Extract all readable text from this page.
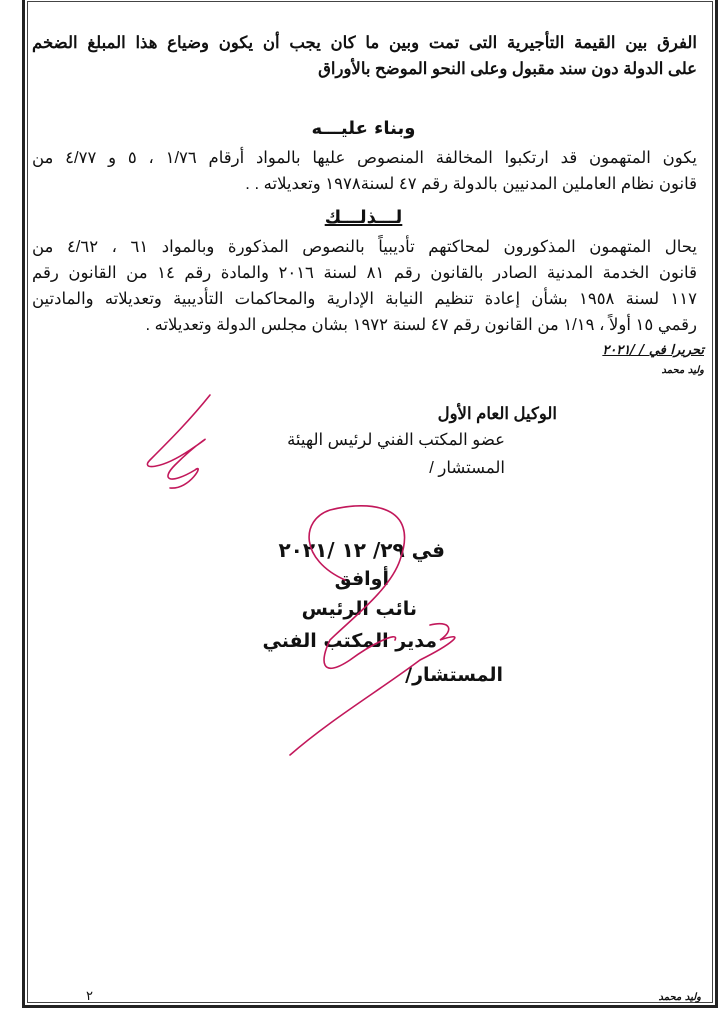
الفرق بين القيمة التأجيرية التى تمت وبين ما كان يجب أن يكون وضياع هذا المبلغ الضخم
على الدولة دون سند مقبول وعلى النحو الموضح بالأوراق
وبناء عليـــه
يكون المتهمون قد ارتكبوا المخالفة المنصوص عليها بالمواد أرقام ١/٧٦ ، ٥ و ٤/٧٧ من
قانون نظام العاملين المدنيين بالدولة رقم ٤٧ لسنة١٩٧٨ وتعديلاته . .
لـــذلـــك
يحال المتهمون المذكورون لمحاكتهم تأديبياً بالنصوص المذكورة وبالمواد ٦١ ، ٤/٦٢ من
قانون الخدمة المدنية الصادر بالقانون رقم ٨١ لسنة ٢٠١٦ والمادة رقم ١٤ من القانون رقم
١١٧ لسنة ١٩٥٨ بشأن إعادة تنظيم النيابة الإدارية والمحاكمات التأديبية وتعديلاته والمادتين
رقمي ١٥ أولاً ، ١/١٩ من القانون رقم ٤٧ لسنة ١٩٧٢ بشان مجلس الدولة وتعديلاته .
تحريرا في / /٢٠٢١
وليد محمد
الوكيل العام الأول
عضو المكتب الفني لرئيس الهيئة
المستشار /
في ٢٩/ ١٢ /٢٠٢١
أوافق
نائب الرئيس
مدير المكتب الفني
المستشار/
٢	وليد محمد
